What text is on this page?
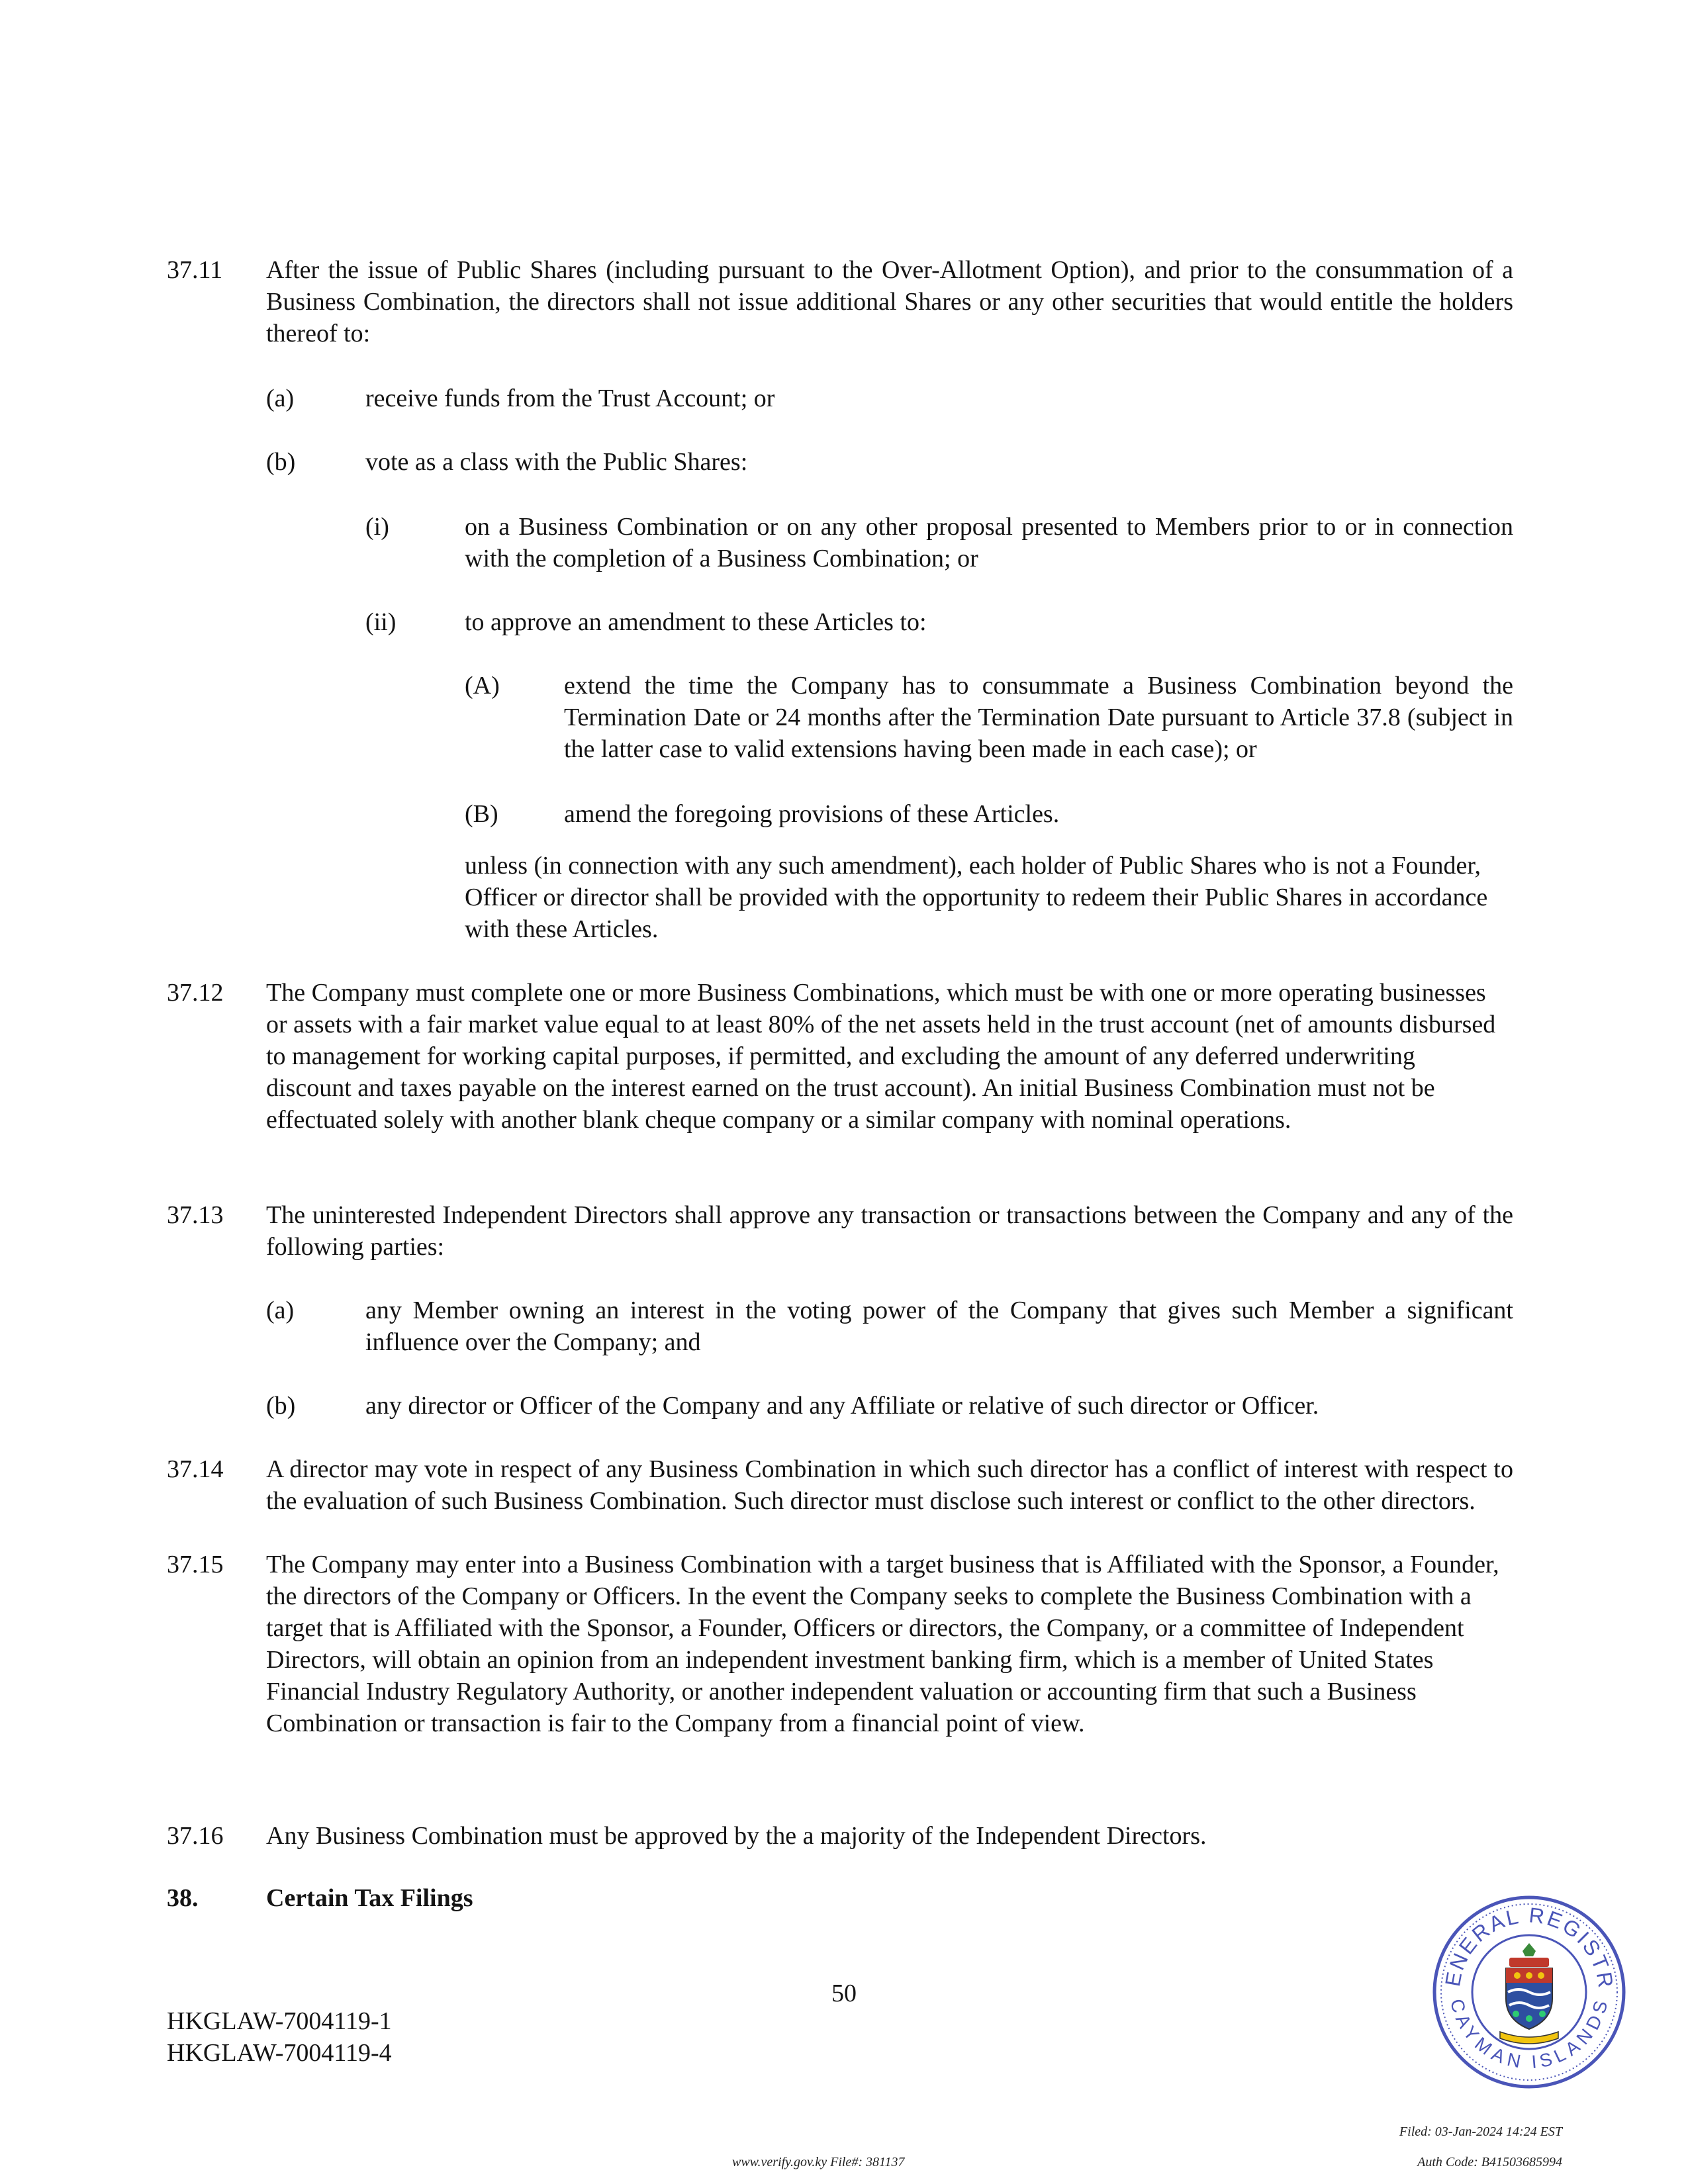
37.11 After the issue of Public Shares (including pursuant to the Over-Allotment Option), and prior to the consummation of a Business Combination, the directors shall not issue additional Shares or any other securities that would entitle the holders thereof to:

(a)	receive funds from the Trust Account; or

(b)	vote as a class with the Public Shares:

(i)	on a Business Combination or on any other proposal presented to Members prior to or in connection with the completion of a Business Combination; or

(ii)	to approve an amendment to these Articles to:

(A)	extend the time the Company has to consummate a Business Combination beyond the Termination Date or 24 months after the Termination Date pursuant to Article 37.8 (subject in the latter case to valid extensions having been made in each case); or

(B)	amend the foregoing provisions of these Articles.

unless (in connection with any such amendment), each holder of Public Shares who is not a Founder, Officer or director shall be provided with the opportunity to redeem their Public Shares in accordance with these Articles.

37.12 The Company must complete one or more Business Combinations, which must be with one or more operating businesses or assets with a fair market value equal to at least 80% of the net assets held in the trust account (net of amounts disbursed to management for working capital purposes, if permitted, and excluding the amount of any deferred underwriting discount and taxes payable on the interest earned on the trust account). An initial Business Combination must not be effectuated solely with another blank cheque company or a similar company with nominal operations.

37.13 The uninterested Independent Directors shall approve any transaction or transactions between the Company and any of the following parties:

(a)	any Member owning an interest in the voting power of the Company that gives such Member a significant influence over the Company; and

(b)	any director or Officer of the Company and any Affiliate or relative of such director or Officer.

37.14 A director may vote in respect of any Business Combination in which such director has a conflict of interest with respect to the evaluation of such Business Combination. Such director must disclose such interest or conflict to the other directors.

37.15 The Company may enter into a Business Combination with a target business that is Affiliated with the Sponsor, a Founder, the directors of the Company or Officers. In the event the Company seeks to complete the Business Combination with a target that is Affiliated with the Sponsor, a Founder, Officers or directors, the Company, or a committee of Independent Directors, will obtain an opinion from an independent investment banking firm, which is a member of United States Financial Industry Regulatory Authority, or another independent valuation or accounting firm that such a Business Combination or transaction is fair to the Company from a financial point of view.

37.16 Any Business Combination must be approved by the a majority of the Independent Directors.

38.	Certain Tax Filings
50
HKGLAW-7004119-1
HKGLAW-7004119-4
ENERAL REGISTR
CAYMAN ISLANDS
www.verify.gov.ky File#: 381137
Filed: 03-Jan-2024 14:24 EST
Auth Code: B41503685994
